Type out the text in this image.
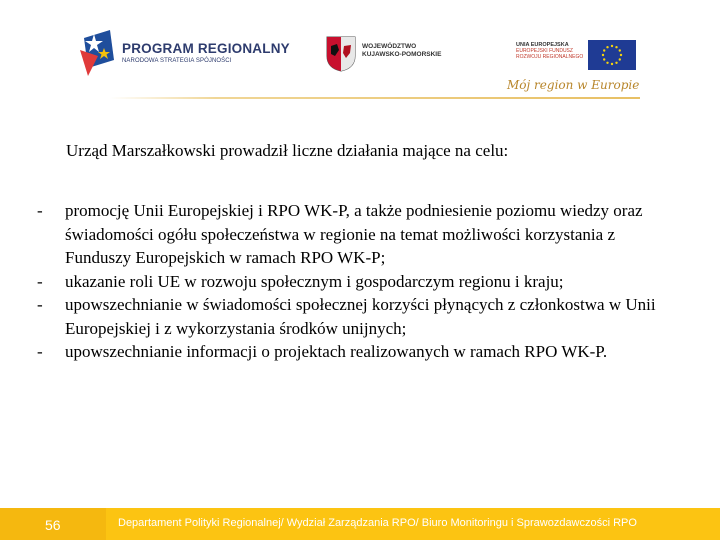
PROGRAM REGIONALNY
NARODOWA STRATEGIA SPÓJNOŚCI
WOJEWÓDZTWO
KUJAWSKO-POMORSKIE
UNIA EUROPEJSKA
EUROPEJSKI FUNDUSZ
ROZWOJU REGIONALNEGO
Mój region w Europie

Urząd Marszałkowski prowadził liczne działania mające na celu:

- promocję Unii Europejskiej i RPO WK-P, a także podniesienie poziomu wiedzy oraz świadomości ogółu społeczeństwa w regionie na temat możliwości korzystania z Funduszy Europejskich w ramach RPO WK-P;
- ukazanie roli UE w rozwoju społecznym i gospodarczym regionu i kraju;
- upowszechnianie w świadomości społecznej korzyści płynących z członkostwa w Unii Europejskiej i z wykorzystania środków unijnych;
- upowszechnianie informacji o projektach realizowanych w ramach RPO WK-P.
56	Departament Polityki Regionalnej/ Wydział Zarządzania RPO/ Biuro Monitoringu i Sprawozdawczości RPO
